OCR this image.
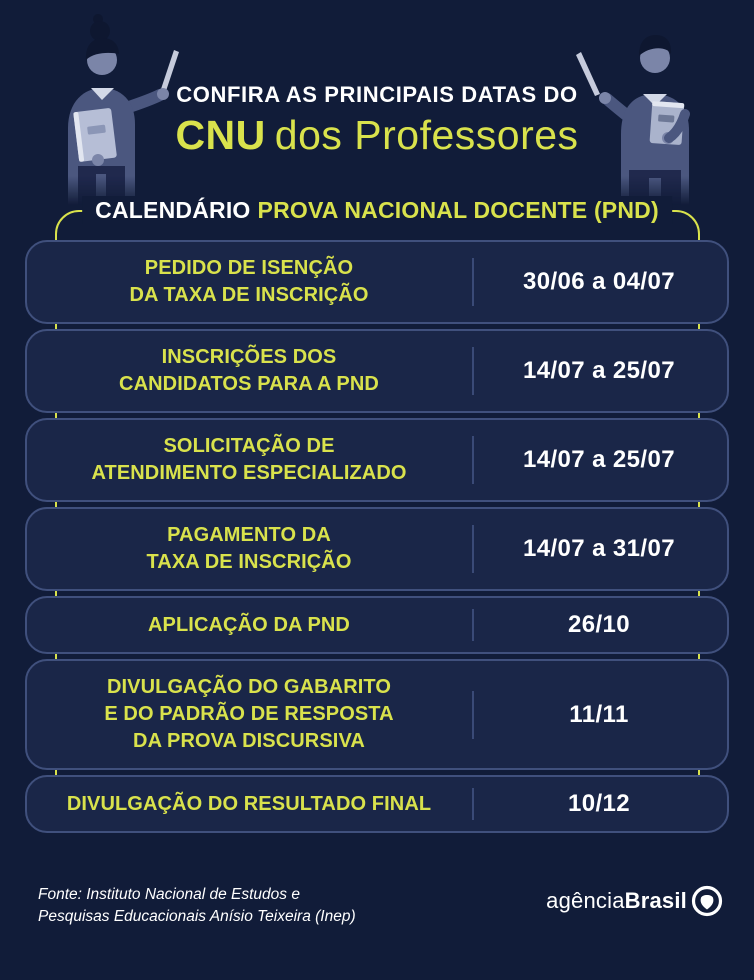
CONFIRA AS PRINCIPAIS DATAS DO
CNU dos Professores
CALENDÁRIO PROVA NACIONAL DOCENTE (PND)
PEDIDO DE ISENÇÃO
DA TAXA DE INSCRIÇÃO	30/06 a 04/07
INSCRIÇÕES DOS
CANDIDATOS PARA A PND	14/07 a 25/07
SOLICITAÇÃO DE
ATENDIMENTO ESPECIALIZADO	14/07 a 25/07
PAGAMENTO DA
TAXA DE INSCRIÇÃO	14/07 a 31/07
APLICAÇÃO DA PND	26/10
DIVULGAÇÃO DO GABARITO
E DO PADRÃO DE RESPOSTA
DA PROVA DISCURSIVA
11/11
DIVULGAÇÃO DO RESULTADO FINAL	10/12
Fonte: Instituto Nacional de Estudos e
Pesquisas Educacionais Anísio Teixeira (Inep)
agência Brasil
